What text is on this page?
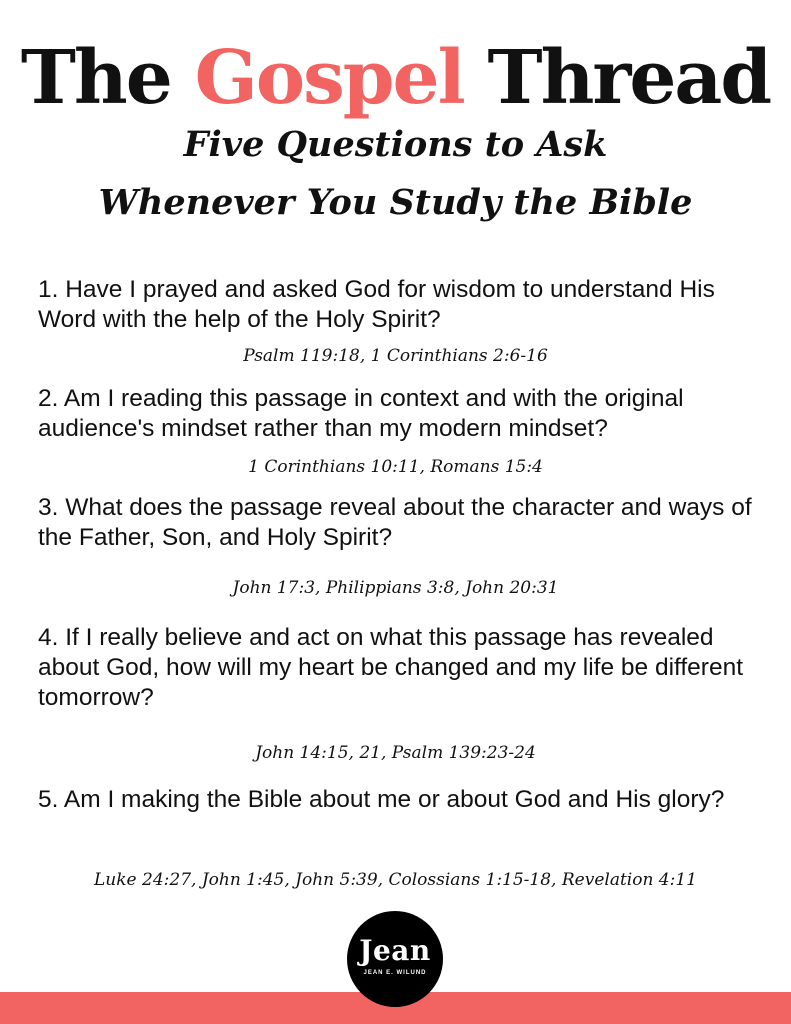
The Gospel Thread
Five Questions to Ask
Whenever You Study the Bible
1. Have I prayed and asked God for wisdom to understand His Word with the help of the Holy Spirit?
Psalm 119:18, 1 Corinthians 2:6-16
2. Am I reading this passage in context and with the original audience's mindset rather than my modern mindset?
1 Corinthians 10:11, Romans 15:4
3. What does the passage reveal about the character and ways of the Father, Son, and Holy Spirit?
John 17:3, Philippians 3:8, John 20:31
4. If I really believe and act on what this passage has revealed about God, how will my heart be changed and my life be different tomorrow?
John 14:15, 21, Psalm 139:23-24
5. Am I making the Bible about me or about God and His glory?
Luke 24:27, John 1:45, John 5:39, Colossians 1:15-18, Revelation 4:11
Jean
JEAN E. WILUND
